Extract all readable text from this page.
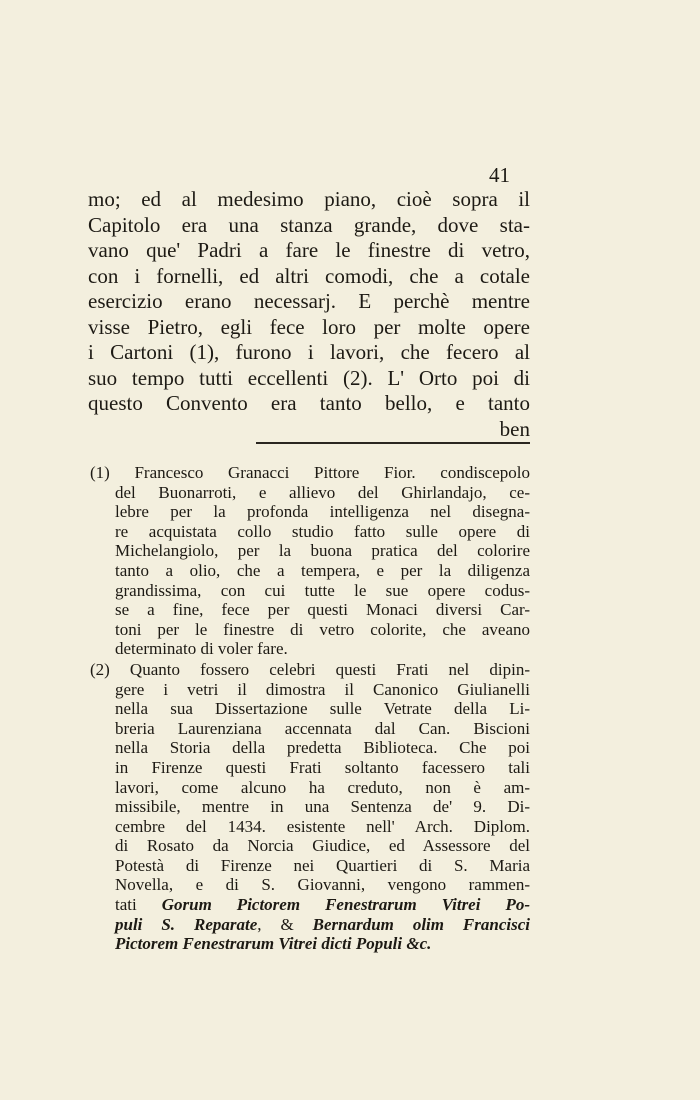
41
mo; ed al medesimo piano, cioè sopra il
Capitolo era una stanza grande, dove sta-
vano que' Padri a fare le finestre di vetro,
con i fornelli, ed altri comodi, che a cotale
esercizio erano necessarj. E perchè mentre
visse Pietro, egli fece loro per molte opere
i Cartoni (1), furono i lavori, che fecero al
suo tempo tutti eccellenti (2). L' Orto poi di
questo Convento era tanto bello, e tanto
ben
(1) Francesco Granacci Pittore Fior. condiscepolo
del Buonarroti, e allievo del Ghirlandajo, ce-
lebre per la profonda intelligenza nel disegna-
re acquistata collo studio fatto sulle opere di
Michelangiolo, per la buona pratica del colorire
tanto a olio, che a tempera, e per la diligenza
grandissima, con cui tutte le sue opere codus-
se a fine, fece per questi Monaci diversi Car-
toni per le finestre di vetro colorite, che aveano
determinato di voler fare.
(2) Quanto fossero celebri questi Frati nel dipin-
gere i vetri il dimostra il Canonico Giulianelli
nella sua Dissertazione sulle Vetrate della Li-
breria Laurenziana accennata dal Can. Biscioni
nella Storia della predetta Biblioteca. Che poi
in Firenze questi Frati soltanto facessero tali
lavori, come alcuno ha creduto, non è am-
missibile, mentre in una Sentenza de' 9. Di-
cembre del 1434. esistente nell' Arch. Diplom.
di Rosato da Norcia Giudice, ed Assessore del
Potestà di Firenze nei Quartieri di S. Maria
Novella, e di S. Giovanni, vengono rammen-
tati Gorum Pictorem Fenestrarum Vitrei Po-
puli S. Reparate, & Bernardum olim Francisci
Pictorem Fenestrarum Vitrei dicti Populi &c.
